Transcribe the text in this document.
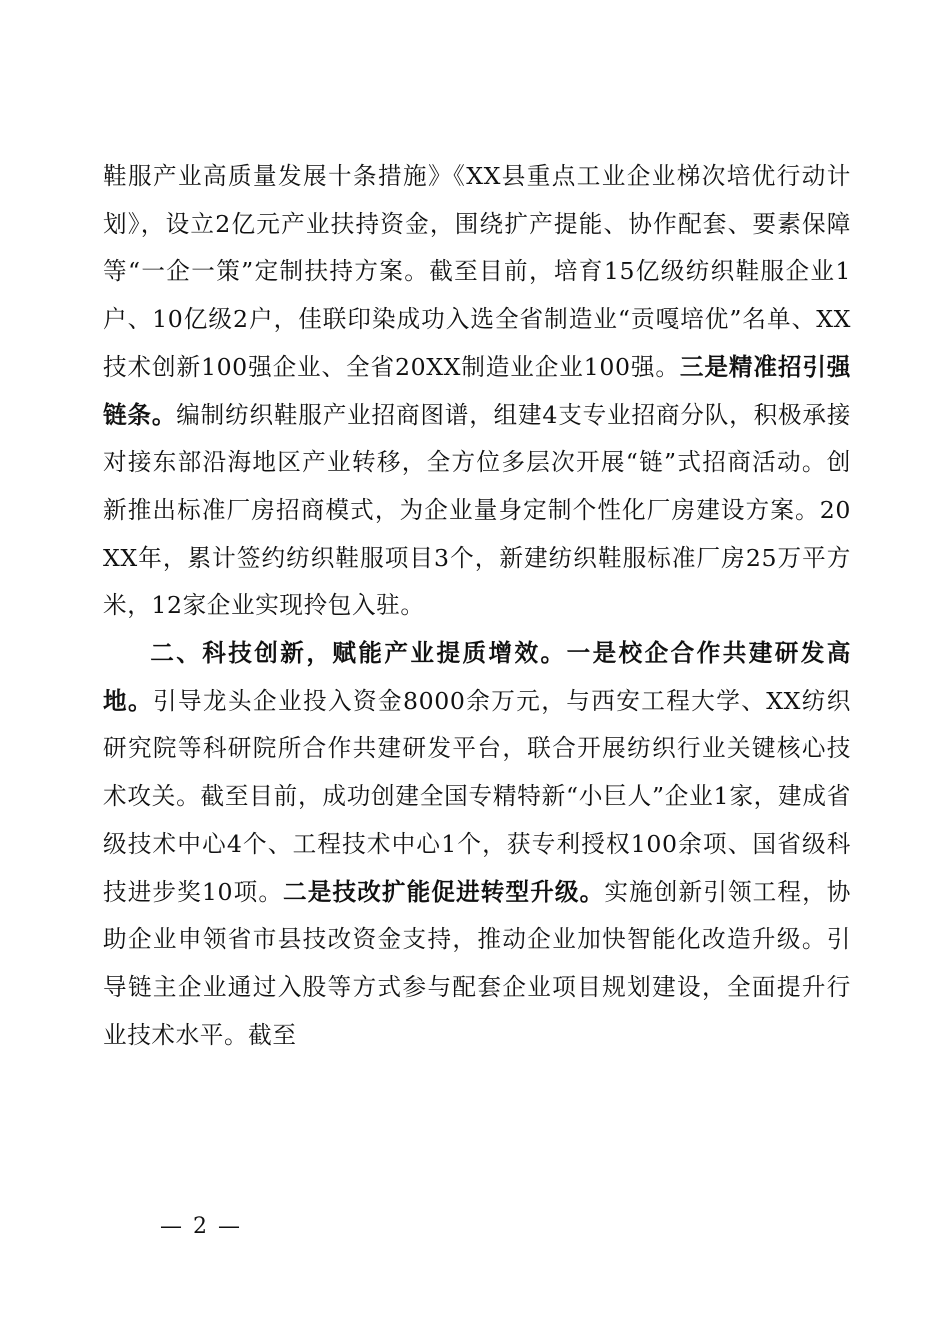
鞋服产业高质量发展十条措施》《XX县重点工业企业梯次培优行动计划》，设立2亿元产业扶持资金，围绕扩产提能、协作配套、要素保障等“一企一策”定制扶持方案。截至目前，培育15亿级纺织鞋服企业1户、10亿级2户，佳联印染成功入选全省制造业“贡嘎培优”名单、XX技术创新100强企业、全省20XX制造业企业100强。三是精准招引强链条。编制纺织鞋服产业招商图谱，组建4支专业招商分队，积极承接对接东部沿海地区产业转移，全方位多层次开展“链”式招商活动。创新推出标准厂房招商模式，为企业量身定制个性化厂房建设方案。20XX年，累计签约纺织鞋服项目3个，新建纺织鞋服标准厂房25万平方米，12家企业实现拎包入驻。

二、科技创新，赋能产业提质增效。一是校企合作共建研发高地。引导龙头企业投入资金8000余万元，与西安工程大学、XX纺织研究院等科研院所合作共建研发平台，联合开展纺织行业关键核心技术攻关。截至目前，成功创建全国专精特新“小巨人”企业1家，建成省级技术中心4个、工程技术中心1个，获专利授权100余项、国省级科技进步奖10项。二是技改扩能促进转型升级。实施创新引领工程，协助企业申领省市县技改资金支持，推动企业加快智能化改造升级。引导链主企业通过入股等方式参与配套企业项目规划建设，全面提升行业技术水平。截至

— 2 —
